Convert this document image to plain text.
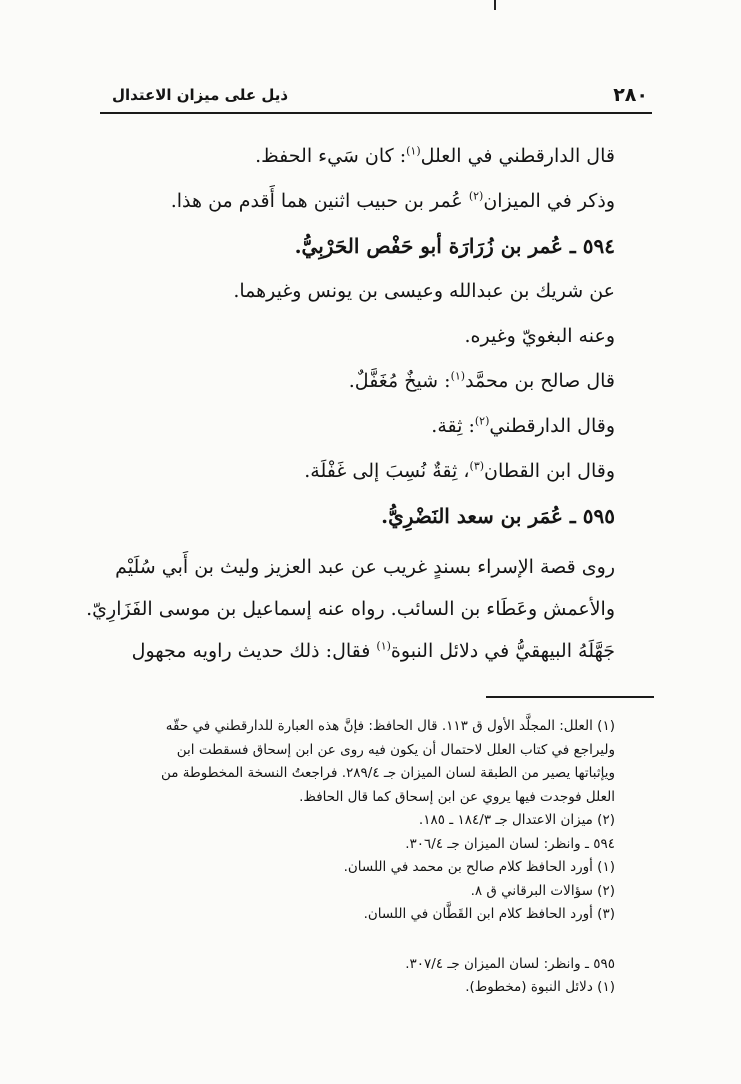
٢٨٠
ذيل على ميزان الاعتدال
قال الدارقطني في العلل$^{(١)}$: كان سَيء الحفظ.
وذكر في الميزان$^{(٢)}$ عُمر بن حبيب اثنين هما أَقدم من هذا.
٥٩٤ ـ عُمر بن زُرَارَة أبو حَفْص الحَرْبِيُّ.
عن شريك بن عبدالله وعيسى بن يونس وغيرهما.
وعنه البغويّ وغيره.
قال صالح بن محمَّد$^{(١)}$: شيخٌ مُغَفَّلٌ.
وقال الدارقطني$^{(٢)}$: ثِقة.
وقال ابن القطان$^{(٣)}$، ثِقةٌ نُسِبَ إلى غَفْلَة.
٥٩٥ ـ عُمَر بن سعد النَضْرِيُّ.
روى قصة الإسراء بسندٍ غريب عن عبد العزيز وليث بن أَبي سُلَيْم
والأعمش وعَطَاء بن السائب. رواه عنه إسماعيل بن موسى الفَزَارِيّ.
جَهَّلَهُ البيهقيُّ في دلائل النبوة$^{(١)}$ فقال: ذلك حديث راويه مجهول
(١) العلل: المجلَّد الأول ق ١١٣. قال الحافظ: فإنَّ هذه العبارة للدارقطني في حقّه
وليراجع في كتاب العلل لاحتمال أن يكون فيه روى عن ابن إسحاق فسقطت ابن
ويإثباتها يصير من الطبقة لسان الميزان جـ ٢٨٩/٤. فراجعتُ النسخة المخطوطة من
العلل فوجدت فيها يروي عن ابن إسحاق كما قال الحافظ.
(٢) ميزان الاعتدال جـ ١٨٤/٣ ـ ١٨٥.
٥٩٤ ـ وانظر: لسان الميزان جـ ٣٠٦/٤.
(١) أورد الحافظ كلام صالح بن محمد في اللسان.
(٢) سؤالات البرقاني ق ٨.
(٣) أورد الحافظ كلام ابن القَطَّان في اللسان.
٥٩٥ ـ وانظر: لسان الميزان جـ ٣٠٧/٤.
(١) دلائل النبوة (مخطوط).
